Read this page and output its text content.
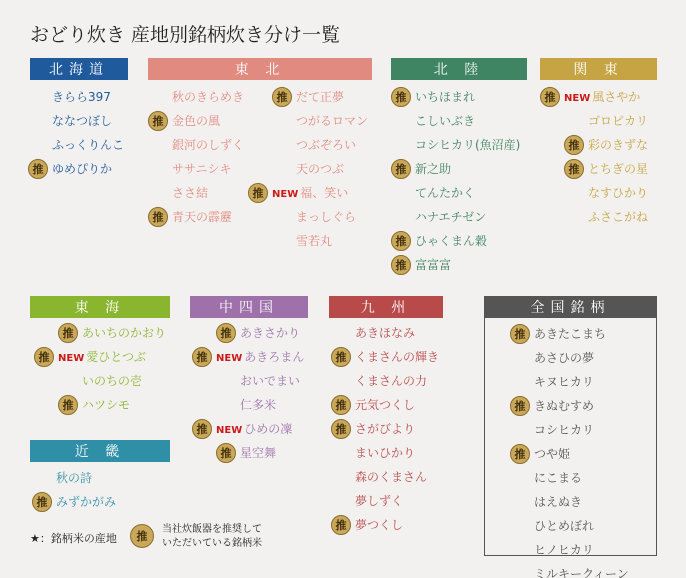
おどり炊き 産地別銘柄炊き分け一覧
北海道	東 北	北 陸	関 東
東 海
近 畿
中四国	九 州	全国銘柄
きらら397
ななつぼし
ふっくりんこ
推 ゆめぴりか
秋のきらめき
推 金色の風
銀河のしずく
ササニシキ
ささ結
推 青天の霹靂
推 だて正夢
つがるロマン
つぶぞろい
天のつぶ
推 NEW 福、笑い
まっしぐら
雪若丸
推 いちほまれ
こしいぶき
コシヒカリ(魚沼産)
推 新之助
てんたかく
ハナエチゼン
推 ひゃくまん穀
推 富富富
推 NEW 風さやか
ゴロピカリ
推 彩のきずな
推 とちぎの星
なすひかり
ふさこがね
推 あいちのかおり
推 NEW 愛ひとつぶ
いのちの壱
推 ハツシモ
秋の詩
推 みずかがみ
推 あきさかり
推 NEW あきろまん
おいでまい
仁多米
推 NEW ひめの凜
推 星空舞
あきほなみ
推 くまさんの輝き
くまさんの力
推 元気つくし
推 さがびより
まいひかり
森のくまさん
夢しずく
推 夢つくし
推 あきたこまち
あさひの夢
キヌヒカリ
推 きぬむすめ
コシヒカリ
推 つや姫
にこまる
はえぬき
ひとめぼれ
ヒノヒカリ
ミルキークィーン
★：銘柄米の産地	推	当社炊飯器を推奨して
いただいている銘柄米
